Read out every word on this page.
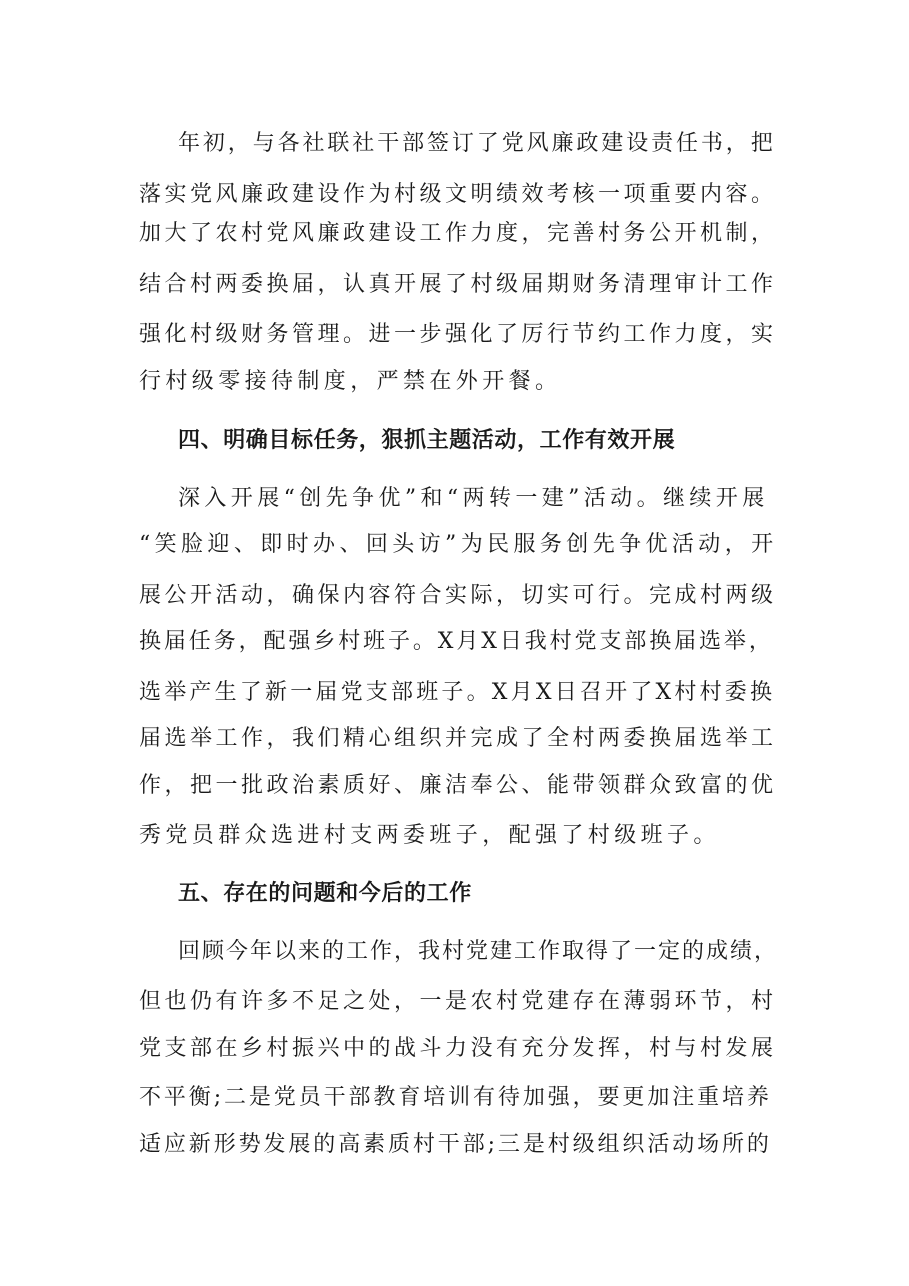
年初，与各社联社干部签订了党风廉政建设责任书，把
落实党风廉政建设作为村级文明绩效考核一项重要内容。
加大了农村党风廉政建设工作力度，完善村务公开机制，
结合村两委换届，认真开展了村级届期财务清理审计工作
强化村级财务管理。进一步强化了厉行节约工作力度，实
行村级零接待制度，严禁在外开餐。
四、明确目标任务，狠抓主题活动，工作有效开展
深入开展“创先争优”和“两转一建”活动。继续开展
“笑脸迎、即时办、回头访”为民服务创先争优活动，开
展公开活动，确保内容符合实际，切实可行。完成村两级
换届任务，配强乡村班子。X月X日我村党支部换届选举，
选举产生了新一届党支部班子。X月X日召开了X村村委换
届选举工作，我们精心组织并完成了全村两委换届选举工
作，把一批政治素质好、廉洁奉公、能带领群众致富的优
秀党员群众选进村支两委班子，配强了村级班子。
五、存在的问题和今后的工作
回顾今年以来的工作，我村党建工作取得了一定的成绩，
但也仍有许多不足之处，一是农村党建存在薄弱环节，村
党支部在乡村振兴中的战斗力没有充分发挥，村与村发展
不平衡;二是党员干部教育培训有待加强，要更加注重培养
适应新形势发展的高素质村干部;三是村级组织活动场所的
